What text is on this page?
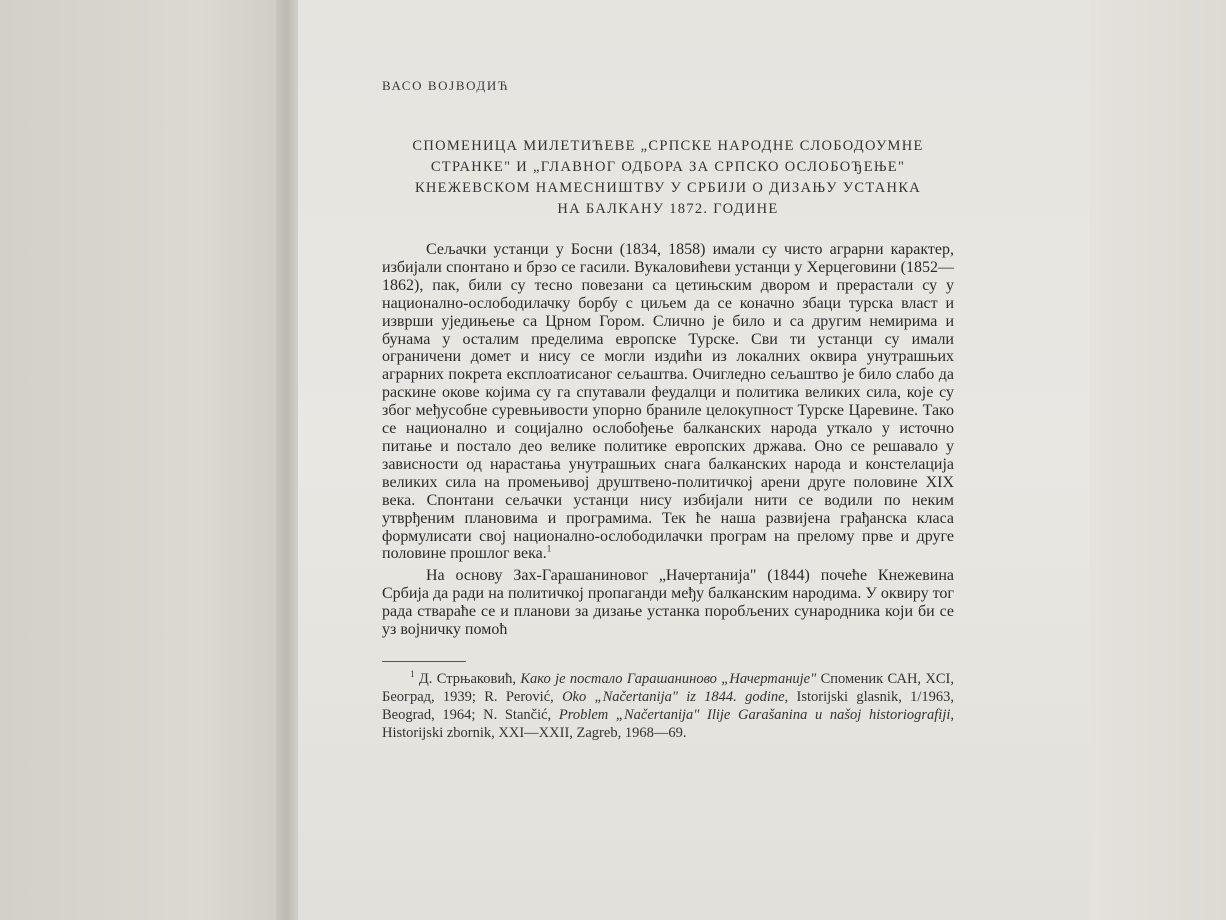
ВАСО ВОЈВОДИЋ
СПОМЕНИЦА МИЛЕТИЋЕВЕ „СРПСКЕ НАРОДНЕ СЛОБОДОУМНЕ
СТРАНКЕ" И „ГЛАВНОГ ОДБОРА ЗА СРПСКО ОСЛОБОЂЕЊЕ"
КНЕЖЕВСКОМ НАМЕСНИШТВУ У СРБИЈИ О ДИЗАЊУ УСТАНКА
НА БАЛКАНУ 1872. ГОДИНЕ

Сељачки устанци у Босни (1834, 1858) имали су чисто аграрни карактер, избијали спонтано и брзо се гасили. Вукаловићеви устанци у Херцеговини (1852—1862), пак, били су тесно повезани са цетињским двором и прерастали су у национално-ослободилачку борбу с циљем да се коначно збаци турска власт и изврши уједињење са Црном Гором. Слично је било и са другим немирима и бунама у осталим пределима европске Турске. Сви ти устанци су имали ограничени домет и нису се могли издићи из локалних оквира унутрашњих аграрних покрета експлоатисаног сељаштва. Очигледно сељаштво је било слабо да раскине окове којима су га спутавали феудалци и политика великих сила, које су због међусобне суревњивости упорно браниле целокупност Турске Царевине. Тако се национално и социјално ослобођење балканских народа уткало у источно питање и постало део велике политике европских држава. Оно се решавало у зависности од нарастања унутрашњих снага балканских народа и констелација великих сила на промењивој друштвено-политичкој арени друге половине XIX века. Спонтани сељачки устанци нису избијали нити се водили по неким утврђеним плановима и програмима. Тек ће наша развијена грађанска класа формулисати свој национално-ослободилачки програм на прелому прве и друге половине прошлог века.$^1$

На основу Зах-Гарашаниновог „Начертанија" (1844) почеће Кнежевина Србија да ради на политичкој пропаганди међу балканским народима. У оквиру тог рада ствараће се и планови за дизање устанка поробљених сународника који би се уз војничку помоћ

$^1$ Д. Стрњаковић, Како је постало Гарашаниново „Начертаније" Споменик САН, XCI, Београд, 1939; R. Perović, Oko „Načertanija" iz 1844. godine, Istorijski glasnik, 1/1963, Beograd, 1964; N. Stančić, Problem „Načertanija" Ilije Garašanina u našoj historiografiji, Historijski zbornik, XXI—XXII, Zagreb, 1968—69.
